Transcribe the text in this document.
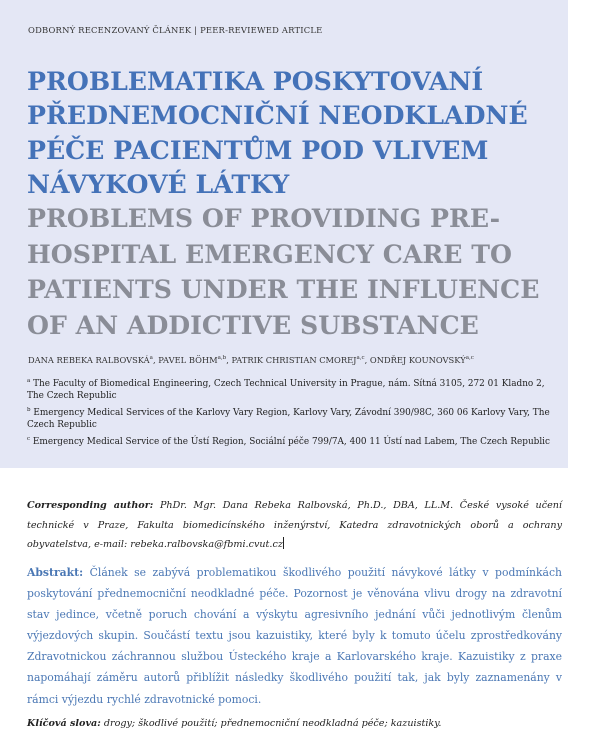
ODBORNÝ RECENZOVANÝ ČLÁNEK | PEER-REVIEWED ARTICLE
PROBLEMATIKA POSKYTOVANÍ PŘEDNEMOCNIČNÍ NEODKLADNÉ PÉČE PACIENTŮM POD VLIVEM NÁVYKOVÉ LÁTKY
PROBLEMS OF PROVIDING PRE-HOSPITAL EMERGENCY CARE TO PATIENTS UNDER THE INFLUENCE OF AN ADDICTIVE SUBSTANCE
DANA REBEKA RALBOVSKÁ$^a$, PAVEL BÖHM$^{a,b}$, PATRIK CHRISTIAN CMOREJ$^{a,c}$, ONDŘEJ KOUNOVSKÝ$^{a,c}$
$^a$ The Faculty of Biomedical Engineering, Czech Technical University in Prague, nám. Sítná 3105, 272 01 Kladno 2, The Czech Republic
$^b$ Emergency Medical Services of the Karlovy Vary Region, Karlovy Vary, Závodní 390/98C, 360 06 Karlovy Vary, The Czech Republic
$^c$ Emergency Medical Service of the Ústí Region, Sociální péče 799/7A, 400 11 Ústí nad Labem, The Czech Republic
Corresponding author: PhDr. Mgr. Dana Rebeka Ralbovská, Ph.D., DBA, LL.M. České vysoké učení technické v Praze, Fakulta biomedicínského inženýrství, Katedra zdravotnických oborů a ochrany obyvatelstva, e-mail: rebeka.ralbovska@fbmi.cvut.cz
Abstrakt: Článek se zabývá problematikou škodlivého použití návykové látky v podmínkách poskytování přednemocniční neodkladné péče. Pozornost je věnována vlivu drogy na zdravotní stav jedince, včetně poruch chování a výskytu agresivního jednání vůči jednotlivým členům výjezdových skupin. Součástí textu jsou kazuistiky, které byly k tomuto účelu zprostředkovány Zdravotnickou záchrannou službou Ústeckého kraje a Karlovarského kraje. Kazuistiky z praxe napomáhají záměru autorů přiblížit následky škodlivého použití tak, jak byly zaznamenány v rámci výjezdu rychlé zdravotnické pomoci.
Klíčová slova: drogy; škodlivé použití; přednemocniční neodkladná péče; kazuistiky.
